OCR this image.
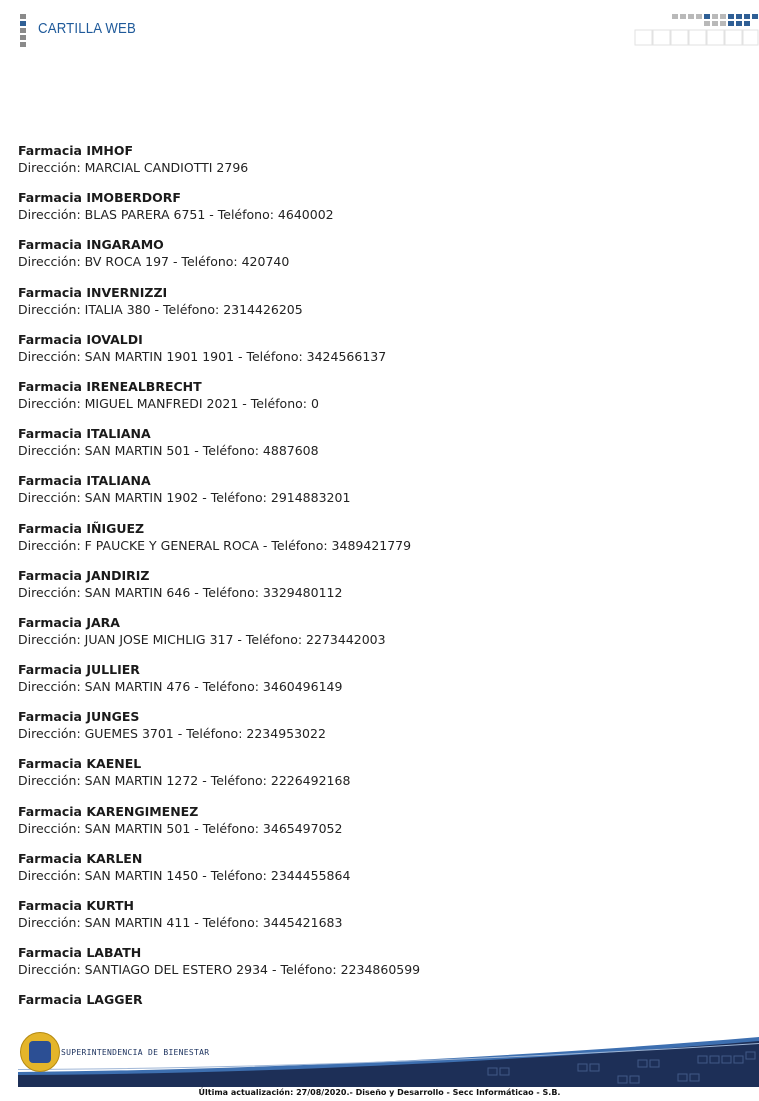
CARTILLA WEB
Farmacia IMHOF
Dirección: MARCIAL CANDIOTTI 2796
Farmacia IMOBERDORF
Dirección: BLAS PARERA 6751 - Teléfono: 4640002
Farmacia INGARAMO
Dirección: BV ROCA 197 - Teléfono: 420740
Farmacia INVERNIZZI
Dirección: ITALIA 380 - Teléfono: 2314426205
Farmacia IOVALDI
Dirección: SAN MARTIN 1901 1901 - Teléfono: 3424566137
Farmacia IRENEALBRECHT
Dirección: MIGUEL MANFREDI 2021 - Teléfono: 0
Farmacia ITALIANA
Dirección: SAN MARTIN 501 - Teléfono: 4887608
Farmacia ITALIANA
Dirección: SAN MARTIN 1902 - Teléfono: 2914883201
Farmacia IÑIGUEZ
Dirección: F PAUCKE Y GENERAL ROCA - Teléfono: 3489421779
Farmacia JANDIRIZ
Dirección: SAN MARTIN 646 - Teléfono: 3329480112
Farmacia JARA
Dirección: JUAN JOSE MICHLIG 317 - Teléfono: 2273442003
Farmacia JULLIER
Dirección: SAN MARTIN 476 - Teléfono: 3460496149
Farmacia JUNGES
Dirección: GUEMES 3701 - Teléfono: 2234953022
Farmacia KAENEL
Dirección: SAN MARTIN 1272 - Teléfono: 2226492168
Farmacia KARENGIMENEZ
Dirección: SAN MARTIN 501 - Teléfono: 3465497052
Farmacia KARLEN
Dirección: SAN MARTIN 1450 - Teléfono: 2344455864
Farmacia KURTH
Dirección: SAN MARTIN 411 - Teléfono: 3445421683
Farmacia LABATH
Dirección: SANTIAGO DEL ESTERO 2934 - Teléfono: 2234860599
Farmacia LAGGER
SUPERINTENDENCIA DE BIENESTAR
Última actualización: 27/08/2020.- Diseño y Desarrollo - Secc Informáticao - S.B.
